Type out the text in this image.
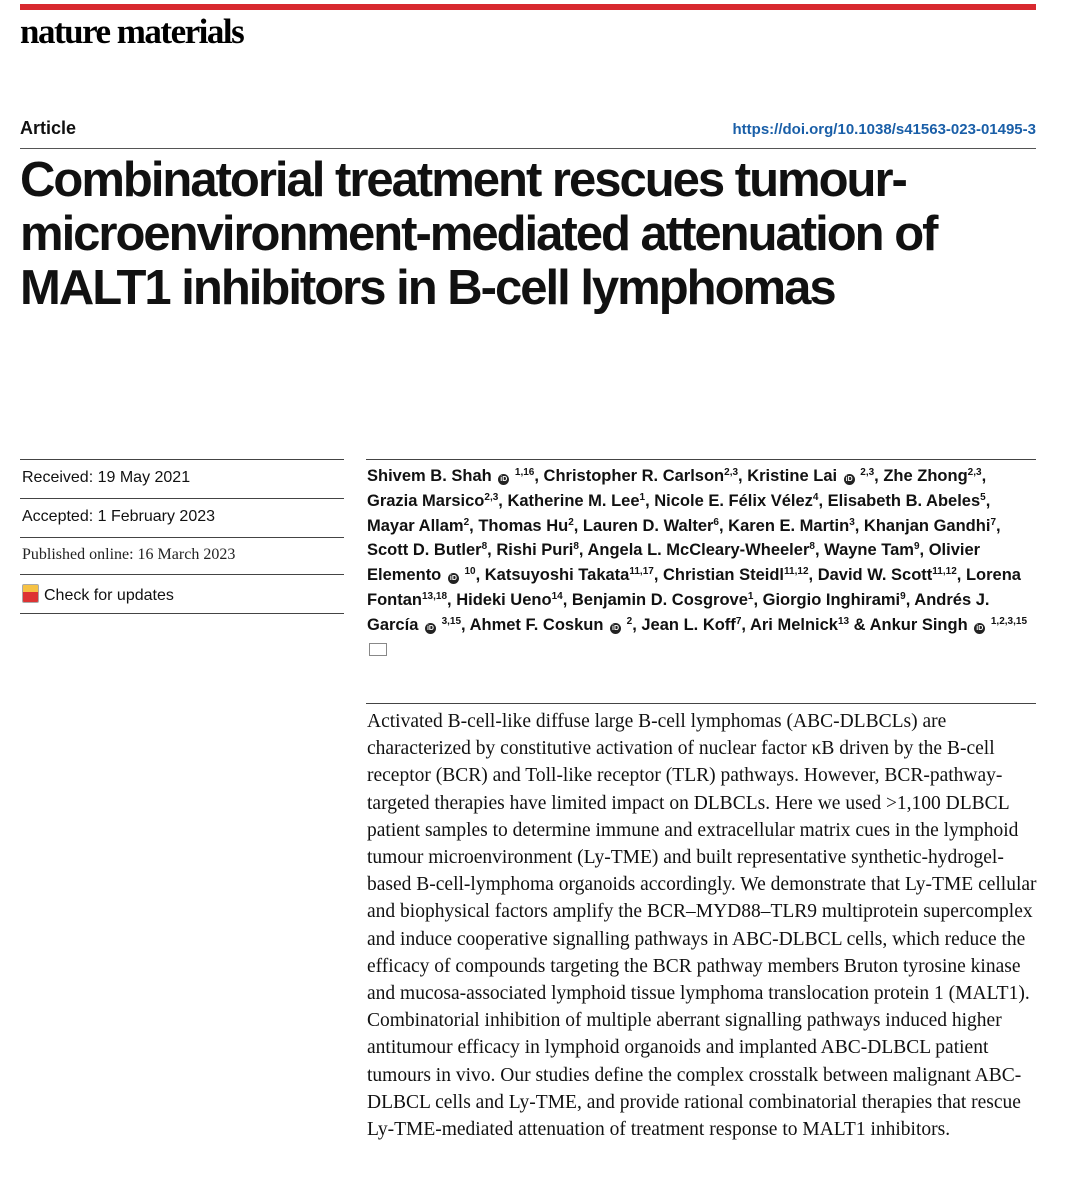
nature materials
Article	https://doi.org/10.1038/s41563-023-01495-3
Combinatorial treatment rescues tumour-microenvironment-mediated attenuation of MALT1 inhibitors in B-cell lymphomas
Received: 19 May 2021
Accepted: 1 February 2023
Published online: 16 March 2023
Check for updates

Shivem B. Shah iD $^{1,16}$, Christopher R. Carlson$^{2,3}$, Kristine Lai iD $^{2,3}$, Zhe Zhong$^{2,3}$, Grazia Marsico$^{2,3}$, Katherine M. Lee$^1$, Nicole E. Félix Vélez$^4$, Elisabeth B. Abeles$^5$, Mayar Allam$^2$, Thomas Hu$^2$, Lauren D. Walter$^6$, Karen E. Martin$^3$, Khanjan Gandhi$^7$, Scott D. Butler$^8$, Rishi Puri$^8$, Angela L. McCleary-Wheeler$^8$, Wayne Tam$^9$, Olivier Elemento iD $^{10}$, Katsuyoshi Takata$^{11,17}$, Christian Steidl$^{11,12}$, David W. Scott$^{11,12}$, Lorena Fontan$^{13,18}$, Hideki Ueno$^{14}$, Benjamin D. Cosgrove$^1$, Giorgio Inghirami$^9$, Andrés J. García iD $^{3,15}$, Ahmet F. Coskun iD $^2$, Jean L. Koff$^7$, Ari Melnick$^{13}$ & Ankur Singh iD $^{1,2,3,15}$

Activated B-cell-like diffuse large B-cell lymphomas (ABC-DLBCLs) are characterized by constitutive activation of nuclear factor κB driven by the B-cell receptor (BCR) and Toll-like receptor (TLR) pathways. However, BCR-pathway-targeted therapies have limited impact on DLBCLs. Here we used >1,100 DLBCL patient samples to determine immune and extracellular matrix cues in the lymphoid tumour microenvironment (Ly-TME) and built representative synthetic-hydrogel-based B-cell-lymphoma organoids accordingly. We demonstrate that Ly-TME cellular and biophysical factors amplify the BCR–MYD88–TLR9 multiprotein supercomplex and induce cooperative signalling pathways in ABC-DLBCL cells, which reduce the efficacy of compounds targeting the BCR pathway members Bruton tyrosine kinase and mucosa-associated lymphoid tissue lymphoma translocation protein 1 (MALT1). Combinatorial inhibition of multiple aberrant signalling pathways induced higher antitumour efficacy in lymphoid organoids and implanted ABC-DLBCL patient tumours in vivo. Our studies define the complex crosstalk between malignant ABC-DLBCL cells and Ly-TME, and provide rational combinatorial therapies that rescue Ly-TME-mediated attenuation of treatment response to MALT1 inhibitors.
